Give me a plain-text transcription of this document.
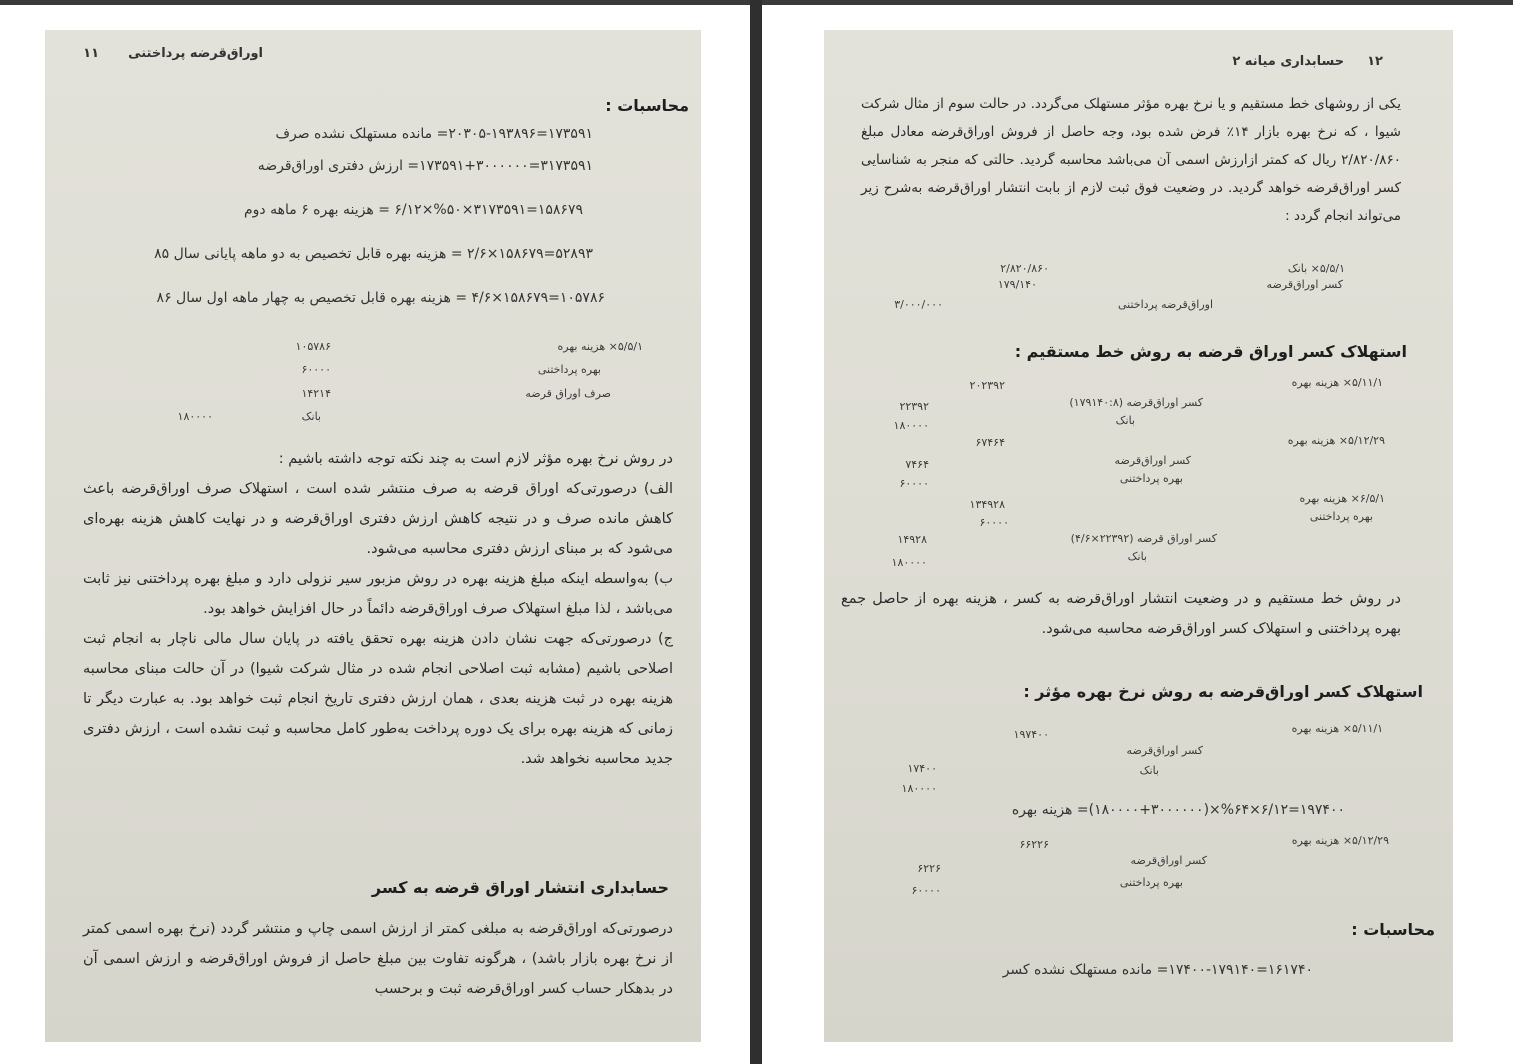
اوراق‌قرضه پرداختنی  ۱۱
محاسبات :
۱۷۳۵۹۱=۲۰۳۰۵-۱۹۳۸۹۶= مانده مستهلک نشده صرف
۳۱۷۳۵۹۱=۱۷۳۵۹۱+۳۰۰۰۰۰۰= ارزش دفتری اوراق‌قرضه
۱۵۸۶۷۹=۳۱۷۳۵۹۱×%۵۰×۶/۱۲ = هزینه بهره ۶ ماهه دوم
۵۲۸۹۳=۱۵۸۶۷۹×۲/۶ = هزینه بهره قابل تخصیص به دو ماهه پایانی سال ۸۵
۱۰۵۷۸۶=۱۵۸۶۷۹×۴/۶ = هزینه بهره قابل تخصیص به چهار ماهه اول سال ۸۶
۵/۵/۱× هزینه بهره
۱۰۵۷۸۶
بهره پرداختنی
۶۰۰۰۰
صرف اوراق قرضه
۱۴۲۱۴
بانک
۱۸۰۰۰۰

در روش نرخ بهره مؤثر لازم است به چند نکته توجه داشته باشیم :

الف) درصورتی‌که اوراق قرضه به صرف منتشر شده است ، استهلاک صرف اوراق‌قرضه باعث کاهش مانده صرف و در نتیجه کاهش ارزش دفتری اوراق‌قرضه و در نهایت کاهش هزینه بهره‌ای می‌شود که بر مبنای ارزش دفتری محاسبه می‌شود.

ب) به‌واسطه اینکه مبلغ هزینه بهره در روش مزبور سیر نزولی دارد و مبلغ بهره پرداختنی نیز ثابت می‌باشد ، لذا مبلغ استهلاک صرف اوراق‌قرضه دائماً در حال افزایش خواهد بود.

ج) درصورتی‌که جهت نشان دادن هزینه بهره تحقق یافته در پایان سال مالی ناچار به انجام ثبت اصلاحی باشیم (مشابه ثبت اصلاحی انجام شده در مثال شرکت شیوا) در آن حالت مبنای محاسبه هزینه بهره در ثبت هزینه بعدی ، همان ارزش دفتری تاریخ انجام ثبت خواهد بود. به عبارت دیگر تا زمانی که هزینه بهره برای یک دوره پرداخت به‌طور کامل محاسبه و ثبت نشده است ، ارزش دفتری جدید محاسبه نخواهد شد.

حسابداری انتشار اوراق قرضه به کسر

درصورتی‌که اوراق‌قرضه به مبلغی کمتر از ارزش اسمی چاپ و منتشر گردد (نرخ بهره اسمی کمتر از نرخ بهره بازار باشد) ، هرگونه تفاوت بین مبلغ حاصل از فروش اوراق‌قرضه و ارزش اسمی آن در بدهکار حساب کسر اوراق‌قرضه ثبت و برحسب

۱۲  حسابداری میانه ۲

یکی از روشهای خط مستقیم و یا نرخ بهره مؤثر مستهلک می‌گردد. در حالت سوم از مثال شرکت شیوا ، که نرخ بهره بازار ۱۴٪ فرض شده بود، وجه حاصل از فروش اوراق‌قرضه معادل مبلغ ۲/۸۲۰/۸۶۰ ریال که کمتر ازارزش اسمی آن می‌باشد محاسبه گردید. حالتی که منجر به شناسایی کسر اوراق‌قرضه خواهد گردید. در وضعیت فوق ثبت لازم از بابت انتشار اوراق‌قرضه به‌شرح زیر می‌تواند انجام گردد :

۵/۵/۱× بانک
۲/۸۲۰/۸۶۰
کسر اوراق‌قرضه
۱۷۹/۱۴۰
اوراق‌قرضه پرداختنی
۳/۰۰۰/۰۰۰
استهلاک کسر اوراق قرضه به روش خط مستقیم :
۵/۱۱/۱× هزینه بهره
۲۰۲۳۹۲
کسر اوراق‌قرضه (۱۷۹۱۴۰:۸)
۲۲۳۹۲
بانک
۱۸۰۰۰۰
۵/۱۲/۲۹× هزینه بهره
۶۷۴۶۴
کسر اوراق‌قرضه
۷۴۶۴
بهره پرداختنی
۶۰۰۰۰
۶/۵/۱× هزینه بهره
بهره پرداختنی
۱۳۴۹۲۸
۶۰۰۰۰
کسر اوراق قرضه (۲۲۳۹۲×۴/۶)
۱۴۹۲۸
بانک
۱۸۰۰۰۰

در روش خط مستقیم و در وضعیت انتشار اوراق‌قرضه به کسر ، هزینه بهره از حاصل جمع بهره پرداختنی و استهلاک کسر اوراق‌قرضه محاسبه می‌شود.

استهلاک کسر اوراق‌قرضه به روش نرخ بهره مؤثر :
۵/۱۱/۱× هزینه بهره
۱۹۷۴۰۰
کسر اوراق‌قرضه
۱۷۴۰۰	بانک
۱۸۰۰۰۰
۱۹۷۴۰۰=۶/۱۲×%۶۴×(۱۸۰۰۰۰+۳۰۰۰۰۰۰)= هزینه بهره
۵/۱۲/۲۹× هزینه بهره
۶۶۲۲۶
کسر اوراق‌قرضه
۶۲۲۶
بهره پرداختنی
۶۰۰۰۰
محاسبات :
۱۶۱۷۴۰=۱۷۴۰۰-۱۷۹۱۴۰= مانده مستهلک نشده کسر
